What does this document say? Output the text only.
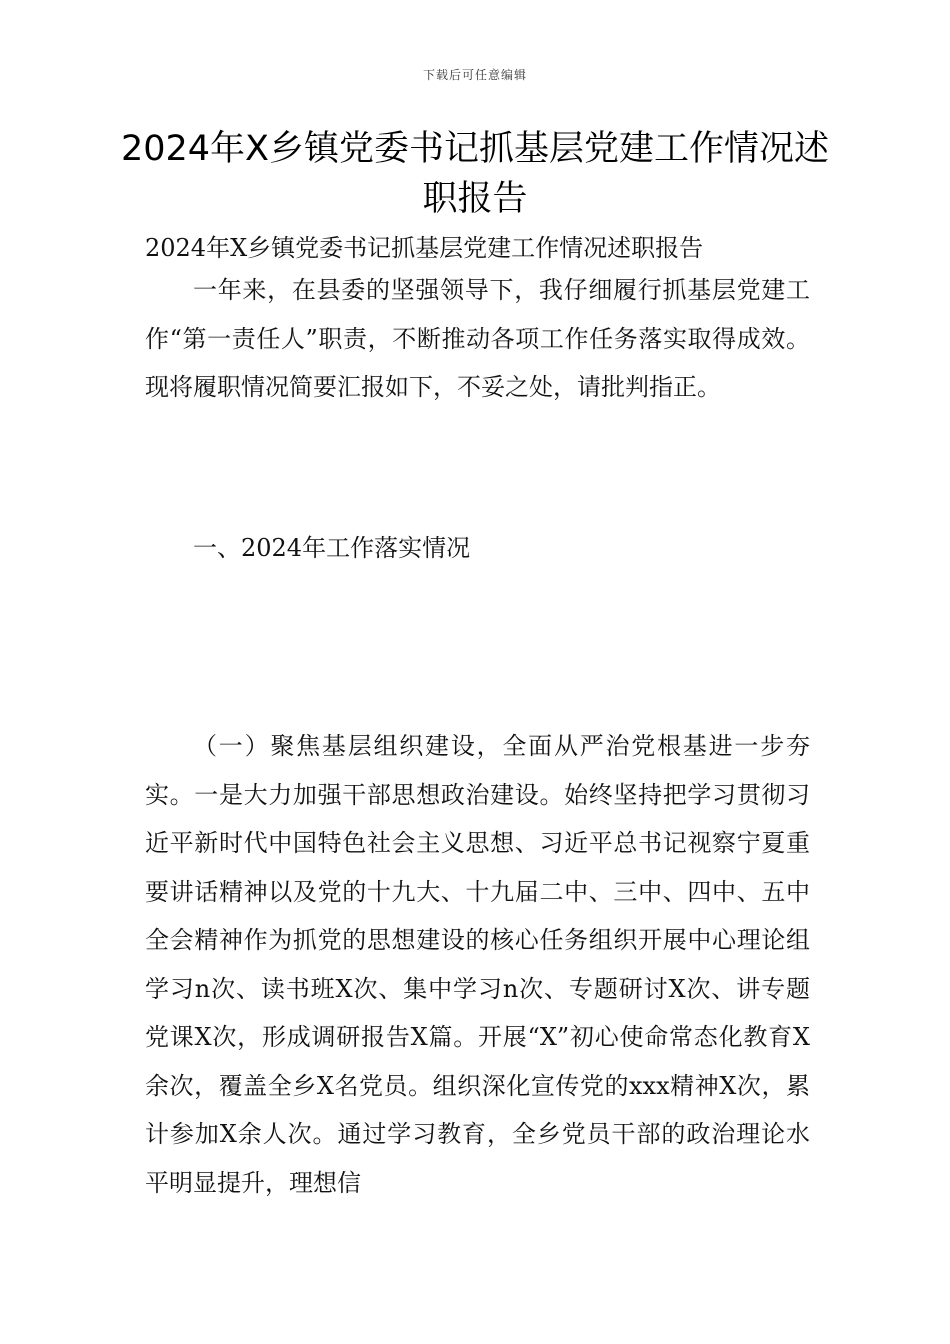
下载后可任意编辑
2024年X乡镇党委书记抓基层党建工作情况述职报告

2024年X乡镇党委书记抓基层党建工作情况述职报告

一年来，在县委的坚强领导下，我仔细履行抓基层党建工作“第一责任人”职责，不断推动各项工作任务落实取得成效。现将履职情况简要汇报如下，不妥之处，请批判指正。

一、2024年工作落实情况

（一）聚焦基层组织建设，全面从严治党根基进一步夯实。一是大力加强干部思想政治建设。始终坚持把学习贯彻习近平新时代中国特色社会主义思想、习近平总书记视察宁夏重要讲话精神以及党的十九大、十九届二中、三中、四中、五中全会精神作为抓党的思想建设的核心任务组织开展中心理论组学习n次、读书班X次、集中学习n次、专题研讨X次、讲专题党课X次，形成调研报告X篇。开展“X”初心使命常态化教育X余次，覆盖全乡X名党员。组织深化宣传党的xxx精神X次，累计参加X余人次。通过学习教育，全乡党员干部的政治理论水平明显提升，理想信
